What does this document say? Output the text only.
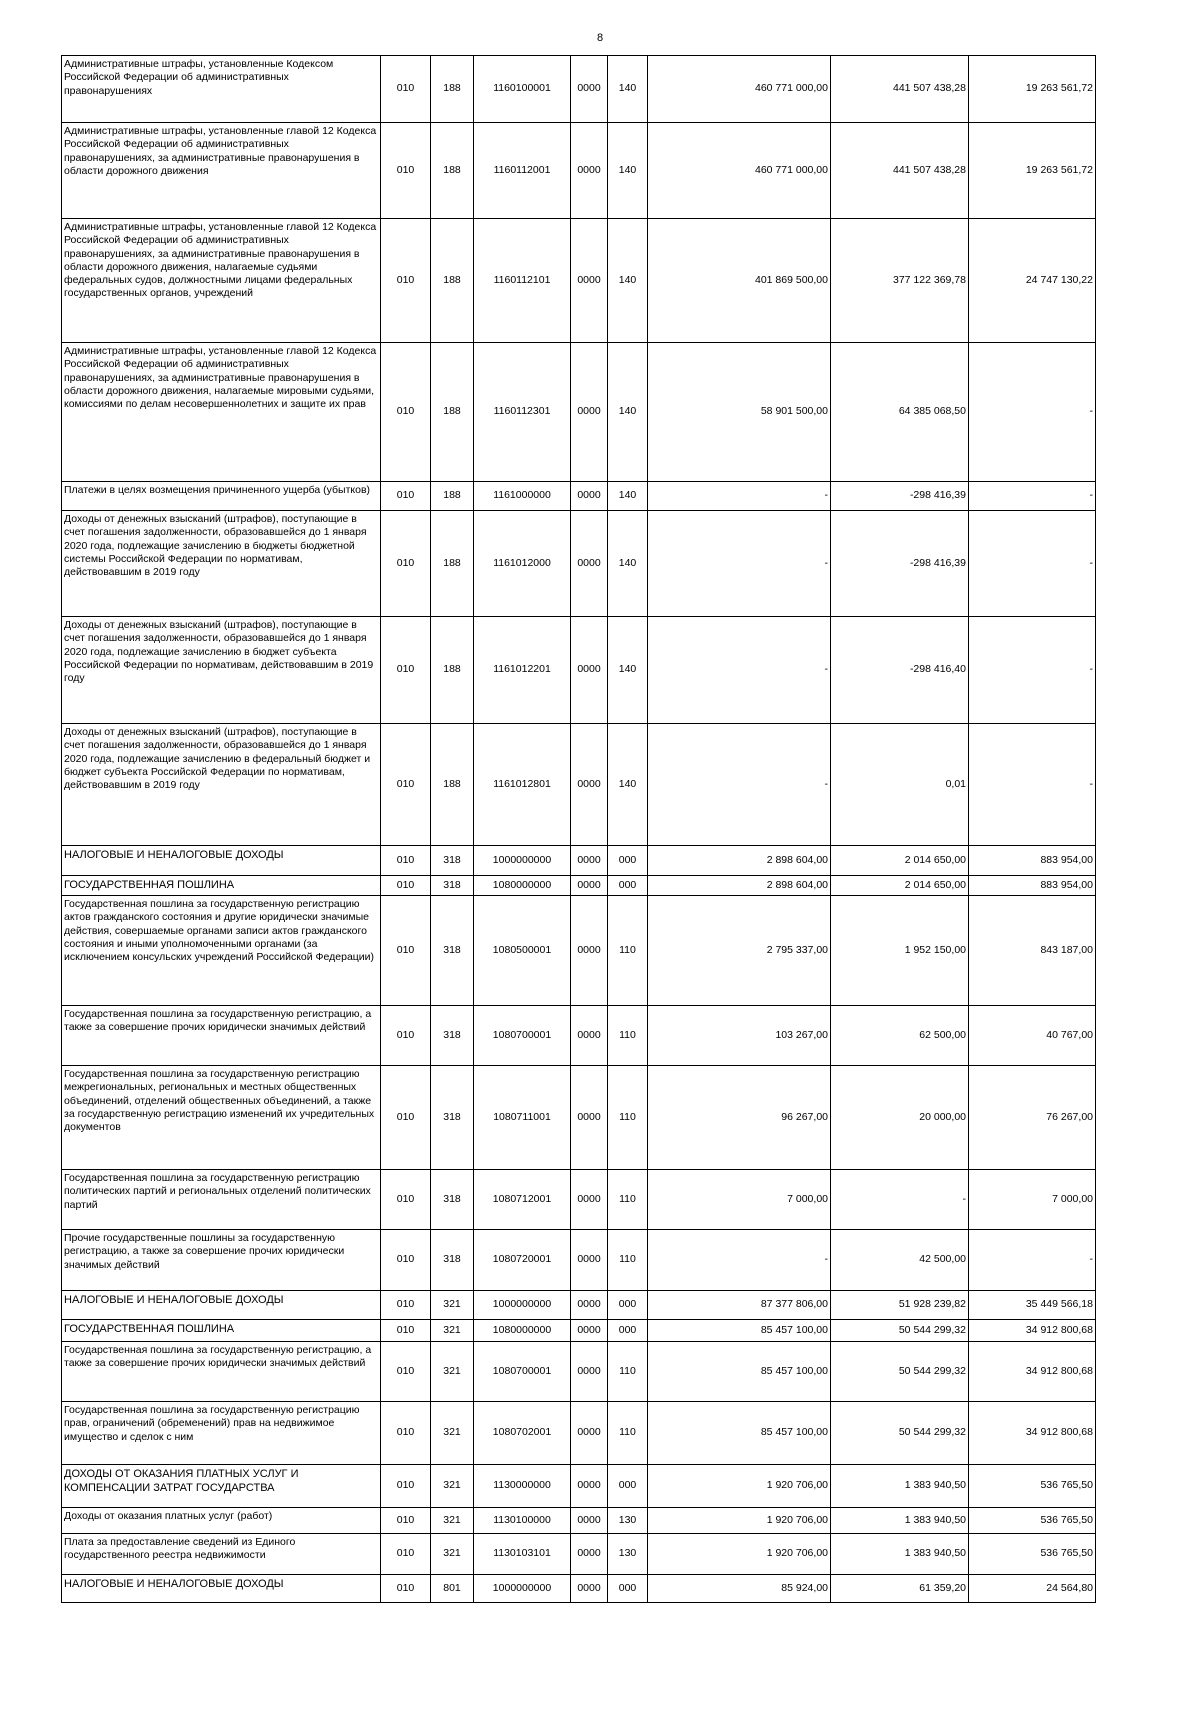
8
Административные штрафы, установленные Кодексом Российской Федерации об административных правонарушениях	010	188	1160100001	0000	140	460 771 000,00	441 507 438,28	19 263 561,72
Административные штрафы, установленные главой 12 Кодекса Российской Федерации об административных правонарушениях, за административные правонарушения в области дорожного движения	010	188	1160112001	0000	140	460 771 000,00	441 507 438,28	19 263 561,72
Административные штрафы, установленные главой 12 Кодекса Российской Федерации об административных правонарушениях, за административные правонарушения в области дорожного движения, налагаемые судьями федеральных судов, должностными лицами федеральных государственных органов, учреждений	010	188	1160112101	0000	140	401 869 500,00	377 122 369,78	24 747 130,22
Административные штрафы, установленные главой 12 Кодекса Российской Федерации об административных правонарушениях, за административные правонарушения в области дорожного движения, налагаемые мировыми судьями, комиссиями по делам несовершеннолетних и защите их прав	010	188	1160112301	0000	140	58 901 500,00	64 385 068,50	-
Платежи в целях возмещения причиненного ущерба (убытков)	010	188	1161000000	0000	140	-	-298 416,39	-
Доходы от денежных взысканий (штрафов), поступающие в счет погашения задолженности, образовавшейся до 1 января 2020 года, подлежащие зачислению в бюджеты бюджетной системы Российской Федерации по нормативам, действовавшим в 2019 году	010	188	1161012000	0000	140	-	-298 416,39	-
Доходы от денежных взысканий (штрафов), поступающие в счет погашения задолженности, образовавшейся до 1 января 2020 года, подлежащие зачислению в бюджет субъекта Российской Федерации по нормативам, действовавшим в 2019 году	010	188	1161012201	0000	140	-	-298 416,40	-
Доходы от денежных взысканий (штрафов), поступающие в счет погашения задолженности, образовавшейся до 1 января 2020 года, подлежащие зачислению в федеральный бюджет и бюджет субъекта Российской Федерации по нормативам, действовавшим в 2019 году	010	188	1161012801	0000	140	-	0,01	-
НАЛОГОВЫЕ И НЕНАЛОГОВЫЕ ДОХОДЫ	010	318	1000000000	0000	000	2 898 604,00	2 014 650,00	883 954,00
ГОСУДАРСТВЕННАЯ ПОШЛИНА	010	318	1080000000	0000	000	2 898 604,00	2 014 650,00	883 954,00
Государственная пошлина за государственную регистрацию актов гражданского состояния и другие юридически значимые действия, совершаемые органами записи актов гражданского состояния и иными уполномоченными органами (за исключением консульских учреждений Российской Федерации)	010	318	1080500001	0000	110	2 795 337,00	1 952 150,00	843 187,00
Государственная пошлина за государственную регистрацию, а также за совершение прочих юридически значимых действий	010	318	1080700001	0000	110	103 267,00	62 500,00	40 767,00
Государственная пошлина за государственную регистрацию межрегиональных, региональных и местных общественных объединений, отделений общественных объединений, а также за государственную регистрацию изменений их учредительных документов	010	318	1080711001	0000	110	96 267,00	20 000,00	76 267,00
Государственная пошлина за государственную регистрацию политических партий и региональных отделений политических партий	010	318	1080712001	0000	110	7 000,00	-	7 000,00
Прочие государственные пошлины за государственную регистрацию, а также за совершение прочих юридически значимых действий	010	318	1080720001	0000	110	-	42 500,00	-
НАЛОГОВЫЕ И НЕНАЛОГОВЫЕ ДОХОДЫ	010	321	1000000000	0000	000	87 377 806,00	51 928 239,82	35 449 566,18
ГОСУДАРСТВЕННАЯ ПОШЛИНА	010	321	1080000000	0000	000	85 457 100,00	50 544 299,32	34 912 800,68
Государственная пошлина за государственную регистрацию, а также за совершение прочих юридически значимых действий	010	321	1080700001	0000	110	85 457 100,00	50 544 299,32	34 912 800,68
Государственная пошлина за государственную регистрацию прав, ограничений (обременений) прав на недвижимое имущество и сделок с ним	010	321	1080702001	0000	110	85 457 100,00	50 544 299,32	34 912 800,68
ДОХОДЫ ОТ ОКАЗАНИЯ ПЛАТНЫХ УСЛУГ И КОМПЕНСАЦИИ ЗАТРАТ ГОСУДАРСТВА	010	321	1130000000	0000	000	1 920 706,00	1 383 940,50	536 765,50
Доходы от оказания платных услуг (работ)	010	321	1130100000	0000	130	1 920 706,00	1 383 940,50	536 765,50
Плата за предоставление сведений из Единого государственного реестра недвижимости	010	321	1130103101	0000	130	1 920 706,00	1 383 940,50	536 765,50
НАЛОГОВЫЕ И НЕНАЛОГОВЫЕ ДОХОДЫ	010	801	1000000000	0000	000	85 924,00	61 359,20	24 564,80
